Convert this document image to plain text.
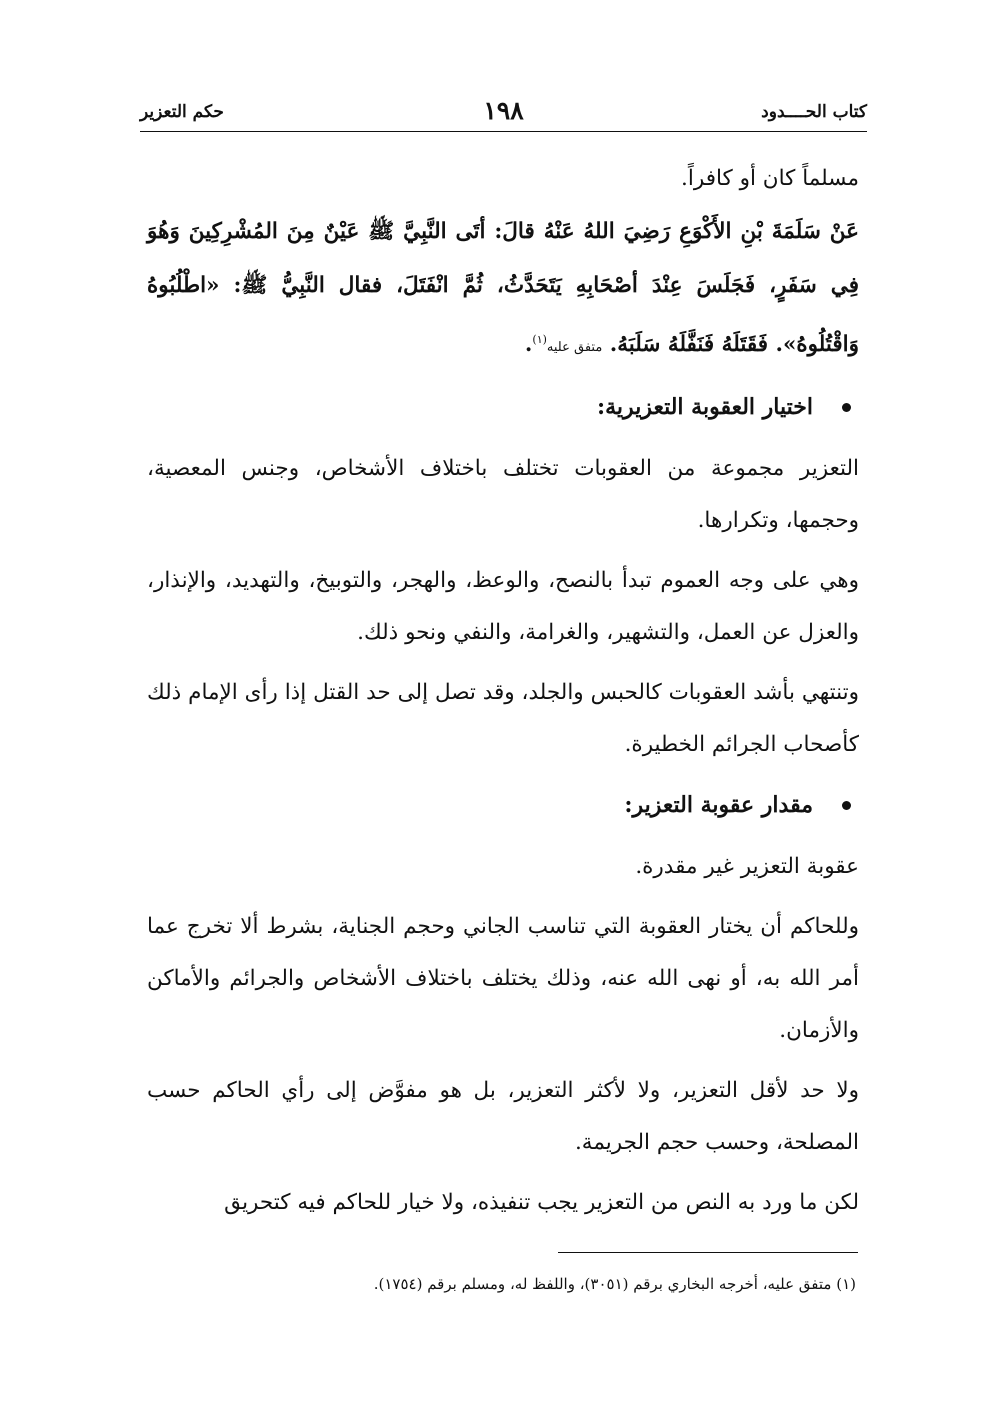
كتاب الحــــدود
١٩٨
حكم التعزير

مسلماً كان أو كافراً.

عَنْ سَلَمَةَ بْنِ الأَكْوَعِ رَضِيَ اللهُ عَنْهُ قالَ: أتَى النَّبِيَّ ﷺ عَيْنٌ مِنَ المُشْرِكِينَ وَهُوَ فِي سَفَرٍ، فَجَلَسَ عِنْدَ أصْحَابِهِ يَتَحَدَّثُ، ثُمَّ انْفَتَلَ، فقال النَّبِيُّ ﷺ: «اطْلُبُوهُ وَاقْتُلُوهُ». فَقَتَلَهُ فَنَفَّلَهُ سَلَبَهُ. متفق عليه$^{(١)}$.

اختيار العقوبة التعزيرية:

التعزير مجموعة من العقوبات تختلف باختلاف الأشخاص، وجنس المعصية، وحجمها، وتكرارها.

وهي على وجه العموم تبدأ بالنصح، والوعظ، والهجر، والتوبيخ، والتهديد، والإنذار، والعزل عن العمل، والتشهير، والغرامة، والنفي ونحو ذلك.

وتنتهي بأشد العقوبات كالحبس والجلد، وقد تصل إلى حد القتل إذا رأى الإمام ذلك كأصحاب الجرائم الخطيرة.

مقدار عقوبة التعزير:

عقوبة التعزير غير مقدرة.

وللحاكم أن يختار العقوبة التي تناسب الجاني وحجم الجناية، بشرط ألا تخرج عما أمر الله به، أو نهى الله عنه، وذلك يختلف باختلاف الأشخاص والجرائم والأماكن والأزمان.

ولا حد لأقل التعزير، ولا لأكثر التعزير، بل هو مفوَّض إلى رأي الحاكم حسب المصلحة، وحسب حجم الجريمة.

لكن ما ورد به النص من التعزير يجب تنفيذه، ولا خيار للحاكم فيه كتحريق

(١) متفق عليه، أخرجه البخاري برقم (٣٠٥١)، واللفظ له، ومسلم برقم (١٧٥٤).
